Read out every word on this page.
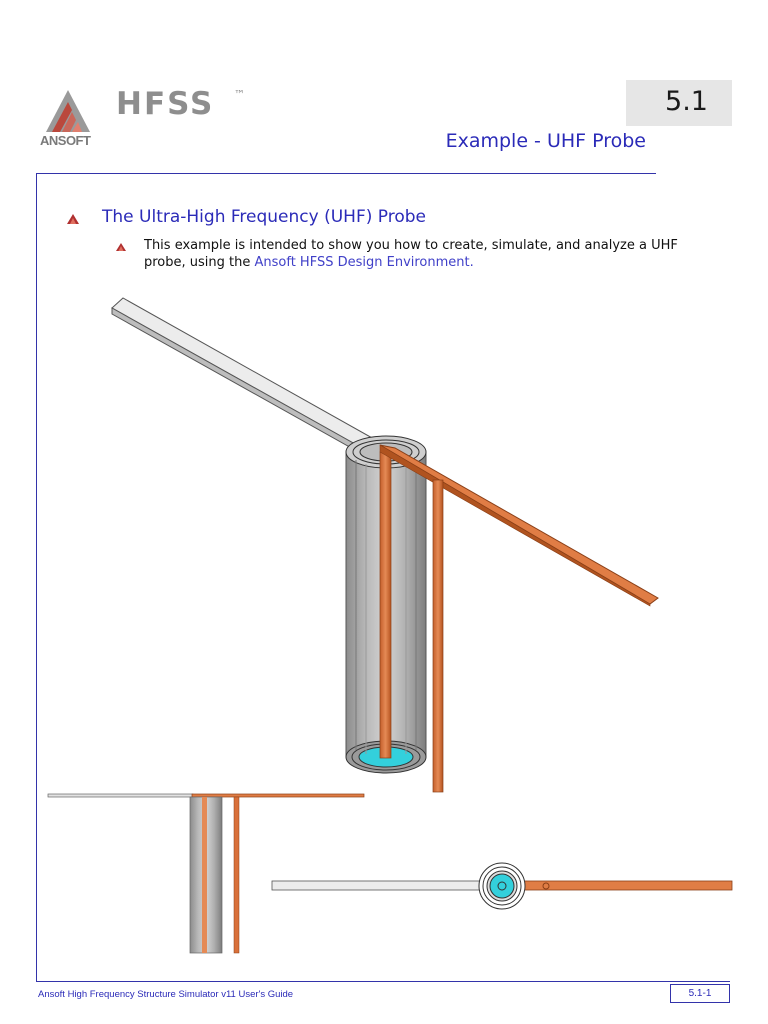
HFSS ™
ANSOFT
5.1
Example - UHF Probe
The Ultra-High Frequency (UHF) Probe
This example is intended to show you how to create, simulate, and analyze a UHF probe, using the Ansoft HFSS Design Environment.
Ansoft High Frequency Structure Simulator v11 User's Guide	5.1-1
